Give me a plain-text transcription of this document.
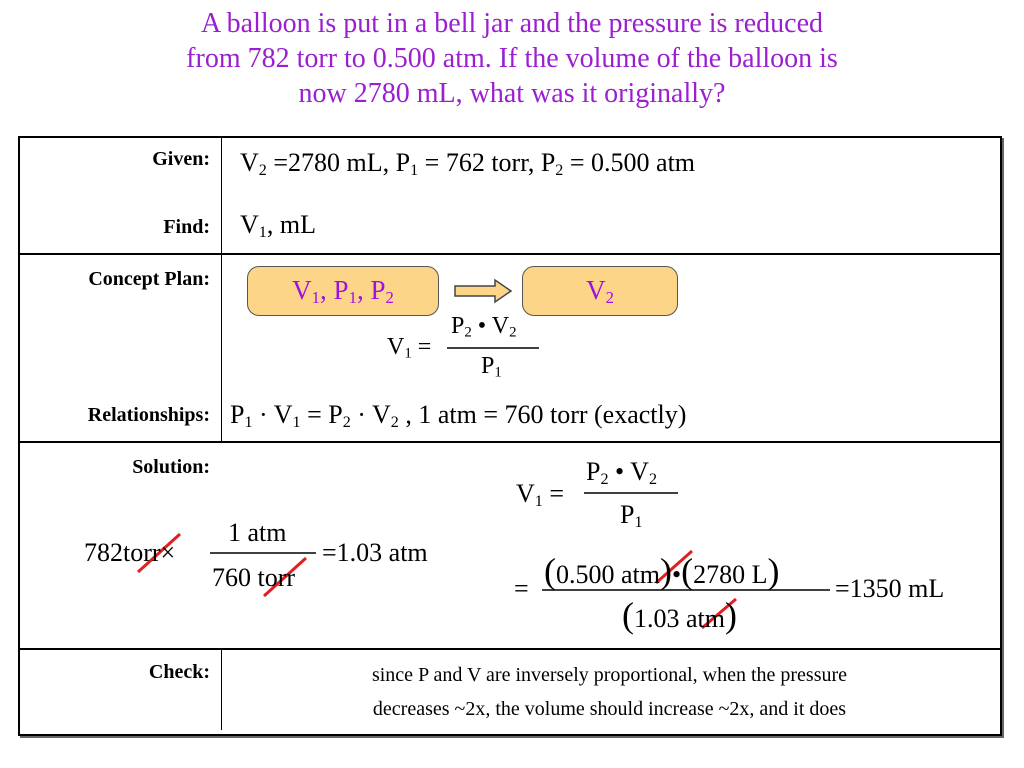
A balloon is put in a bell jar and the pressure is reduced
from 782 torr to 0.500 atm. If the volume of the balloon is
now 2780 mL, what was it originally?
Given:
Find:
Concept Plan:
Relationships:
Solution:
Check:
$V_2 =2780$ mL, $P_1 = 762$ torr, $P_2 = 0.500$ atm
$V_1$, mL
$V_1$, $P_1$, $P_2$	$V_2$
$V_1$ =
$P_2$ • $V_2$
$P_1$
$P_1 \cdot V_1 = P_2 \cdot V_2$ , 1 atm = 760 torr (exactly)
782torr×
1 atm
760 torr
=1.03 atm
$V_1$ =
$P_2$ • $V_2$
$P_1$
= (0.500 atm)•(2780 L)
(1.03 atm)
=1350 mL
since P and V are inversely proportional, when the pressure
decreases ~2x, the volume should increase ~2x, and it does
